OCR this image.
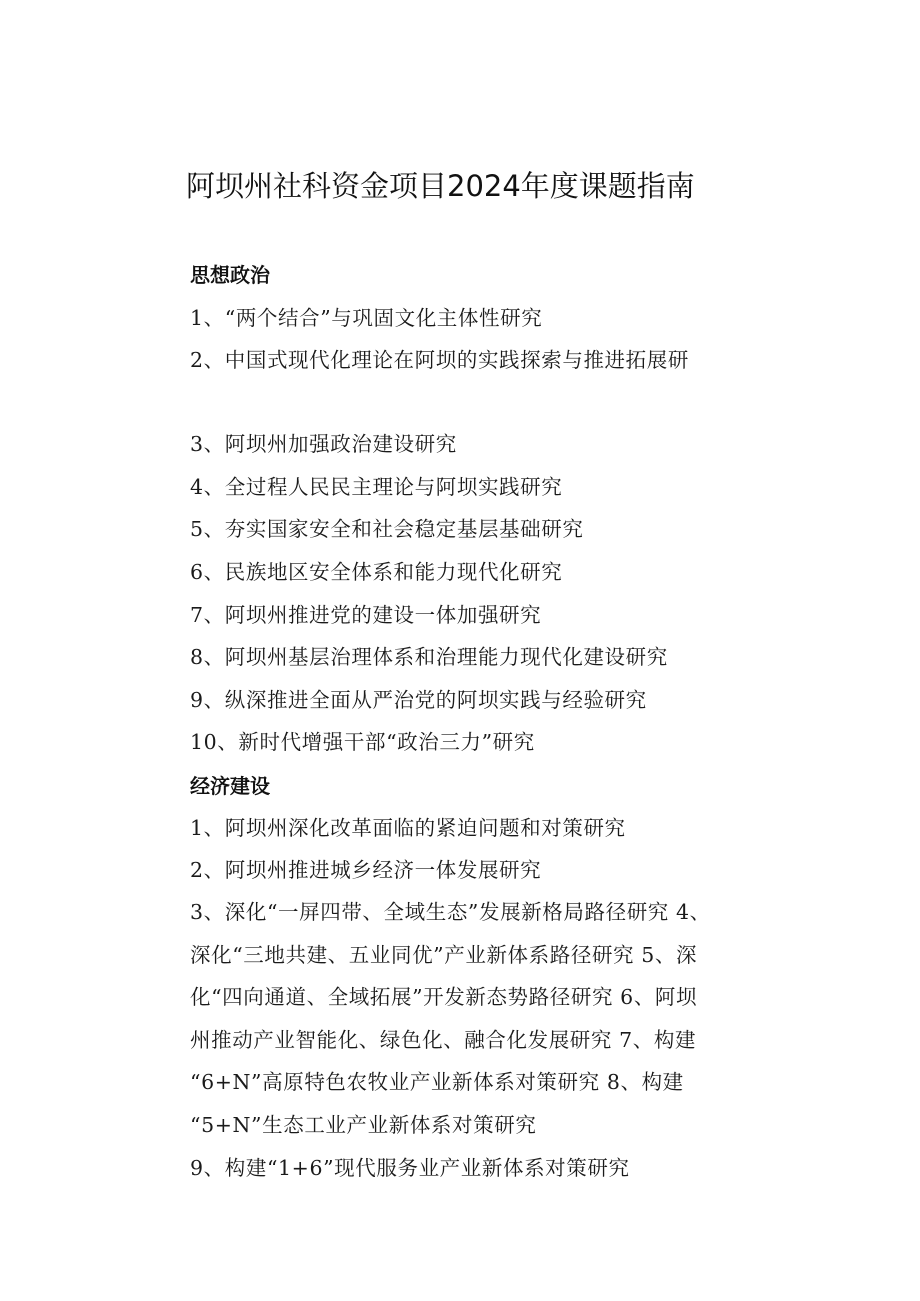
阿坝州社科资金项目2024年度课题指南
思想政治
1、“两个结合”与巩固文化主体性研究
2、中国式现代化理论在阿坝的实践探索与推进拓展研
3、阿坝州加强政治建设研究
4、全过程人民民主理论与阿坝实践研究
5、夯实国家安全和社会稳定基层基础研究
6、民族地区安全体系和能力现代化研究
7、阿坝州推进党的建设一体加强研究
8、阿坝州基层治理体系和治理能力现代化建设研究
9、纵深推进全面从严治党的阿坝实践与经验研究
10、新时代增强干部“政治三力”研究
经济建设
1、阿坝州深化改革面临的紧迫问题和对策研究
2、阿坝州推进城乡经济一体发展研究
3、深化“一屏四带、全域生态”发展新格局路径研究 4、
深化“三地共建、五业同优”产业新体系路径研究 5、深
化“四向通道、全域拓展”开发新态势路径研究 6、阿坝
州推动产业智能化、绿色化、融合化发展研究 7、构建
“6+N”高原特色农牧业产业新体系对策研究 8、构建
“5+N”生态工业产业新体系对策研究
9、构建“1+6”现代服务业产业新体系对策研究
